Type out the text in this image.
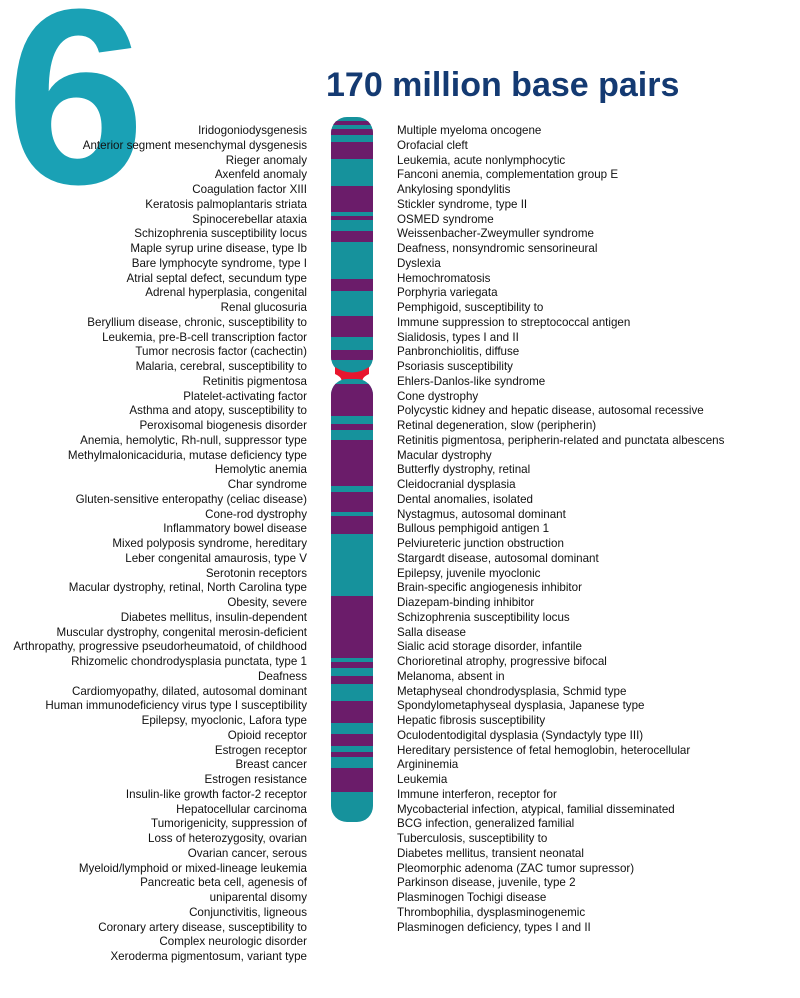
6	170 million base pairs
Iridogoniodysgenesis
Anterior segment mesenchymal dysgenesis
Rieger anomaly
Axenfeld anomaly
Coagulation factor XIII
Keratosis palmoplantaris striata
Spinocerebellar ataxia
Schizophrenia susceptibility locus
Maple syrup urine disease, type Ib
Bare lymphocyte syndrome, type I
Atrial septal defect, secundum type
Adrenal hyperplasia, congenital
Renal glucosuria
Beryllium disease, chronic, susceptibility to
Leukemia, pre-B-cell transcription factor
Tumor necrosis factor (cachectin)
Malaria, cerebral, susceptibility to
Retinitis pigmentosa
Platelet-activating factor
Asthma and atopy, susceptibility to
Peroxisomal biogenesis disorder
Anemia, hemolytic, Rh-null, suppressor type
Methylmalonicaciduria, mutase deficiency type
Hemolytic anemia
Char syndrome
Gluten-sensitive enteropathy (celiac disease)
Cone-rod dystrophy
Inflammatory bowel disease
Mixed polyposis syndrome, hereditary
Leber congenital amaurosis, type V
Serotonin receptors
Macular dystrophy, retinal, North Carolina type
Obesity, severe
Diabetes mellitus, insulin-dependent
Muscular dystrophy, congenital merosin-deficient
Arthropathy, progressive pseudorheumatoid, of childhood
Rhizomelic chondrodysplasia punctata, type 1
Deafness
Cardiomyopathy, dilated, autosomal dominant
Human immunodeficiency virus type I susceptibility
Epilepsy, myoclonic, Lafora type
Opioid receptor
Estrogen receptor
Breast cancer
Estrogen resistance
Insulin-like growth factor-2 receptor
Hepatocellular carcinoma
Tumorigenicity, suppression of
Loss of heterozygosity, ovarian
Ovarian cancer, serous
Myeloid/lymphoid or mixed-lineage leukemia
Pancreatic beta cell, agenesis of
uniparental disomy
Conjunctivitis, ligneous
Coronary artery disease, susceptibility to
Complex neurologic disorder
Xeroderma pigmentosum, variant type
Multiple myeloma oncogene
Orofacial cleft
Leukemia, acute nonlymphocytic
Fanconi anemia, complementation group E
Ankylosing spondylitis
Stickler syndrome, type II
OSMED syndrome
Weissenbacher-Zweymuller syndrome
Deafness, nonsyndromic sensorineural
Dyslexia
Hemochromatosis
Porphyria variegata
Pemphigoid, susceptibility to
Immune suppression to streptococcal antigen
Sialidosis, types I and II
Panbronchiolitis, diffuse
Psoriasis susceptibility
Ehlers-Danlos-like syndrome
Cone dystrophy
Polycystic kidney and hepatic disease, autosomal recessive
Retinal degeneration, slow (peripherin)
Retinitis pigmentosa, peripherin-related and punctata albescens
Macular dystrophy
Butterfly dystrophy, retinal
Cleidocranial dysplasia
Dental anomalies, isolated
Nystagmus, autosomal dominant
Bullous pemphigoid antigen 1
Pelviureteric junction obstruction
Stargardt disease, autosomal dominant
Epilepsy, juvenile myoclonic
Brain-specific angiogenesis inhibitor
Diazepam-binding inhibitor
Schizophrenia susceptibility locus
Salla disease
Sialic acid storage disorder, infantile
Chorioretinal atrophy, progressive bifocal
Melanoma, absent in
Metaphyseal chondrodysplasia, Schmid type
Spondylometaphyseal dysplasia, Japanese type
Hepatic fibrosis susceptibility
Oculodentodigital dysplasia (Syndactyly type III)
Hereditary persistence of fetal hemoglobin, heterocellular
Argininemia
Leukemia
Immune interferon, receptor for
Mycobacterial infection, atypical, familial disseminated
BCG infection, generalized familial
Tuberculosis, susceptibility to
Diabetes mellitus, transient neonatal
Pleomorphic adenoma (ZAC tumor supressor)
Parkinson disease, juvenile, type 2
Plasminogen Tochigi disease
Thrombophilia, dysplasminogenemic
Plasminogen deficiency, types I and II
